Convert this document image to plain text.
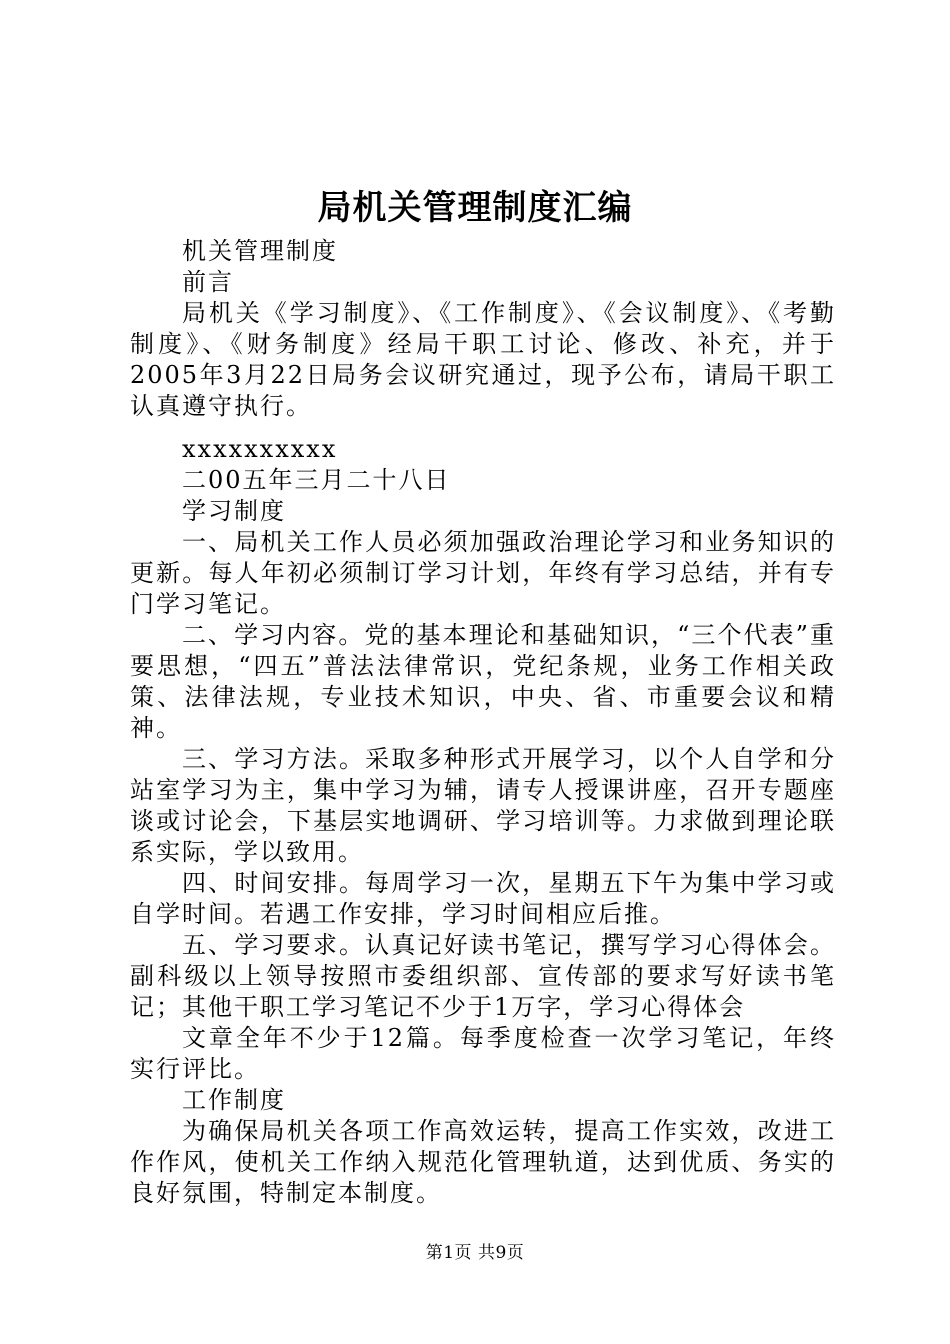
局机关管理制度汇编

机关管理制度

前言

局机关《学习制度》、《工作制度》、《会议制度》、《考勤制度》、《财务制度》经局干职工讨论、修改、补充，并于2005年3月22日局务会议研究通过，现予公布，请局干职工认真遵守执行。

xxxxxxxxxx

二00五年三月二十八日

学习制度

一、局机关工作人员必须加强政治理论学习和业务知识的更新。每人年初必须制订学习计划，年终有学习总结，并有专门学习笔记。

二、学习内容。党的基本理论和基础知识，“三个代表”重要思想，“四五”普法法律常识，党纪条规，业务工作相关政策、法律法规，专业技术知识，中央、省、市重要会议和精神。

三、学习方法。采取多种形式开展学习，以个人自学和分站室学习为主，集中学习为辅，请专人授课讲座，召开专题座谈或讨论会，下基层实地调研、学习培训等。力求做到理论联系实际，学以致用。

四、时间安排。每周学习一次，星期五下午为集中学习或自学时间。若遇工作安排，学习时间相应后推。

五、学习要求。认真记好读书笔记，撰写学习心得体会。副科级以上领导按照市委组织部、宣传部的要求写好读书笔记；其他干职工学习笔记不少于1万字，学习心得体会

文章全年不少于12篇。每季度检查一次学习笔记，年终实行评比。

工作制度

为确保局机关各项工作高效运转，提高工作实效，改进工作作风，使机关工作纳入规范化管理轨道，达到优质、务实的良好氛围，特制定本制度。

第1页 共9页
